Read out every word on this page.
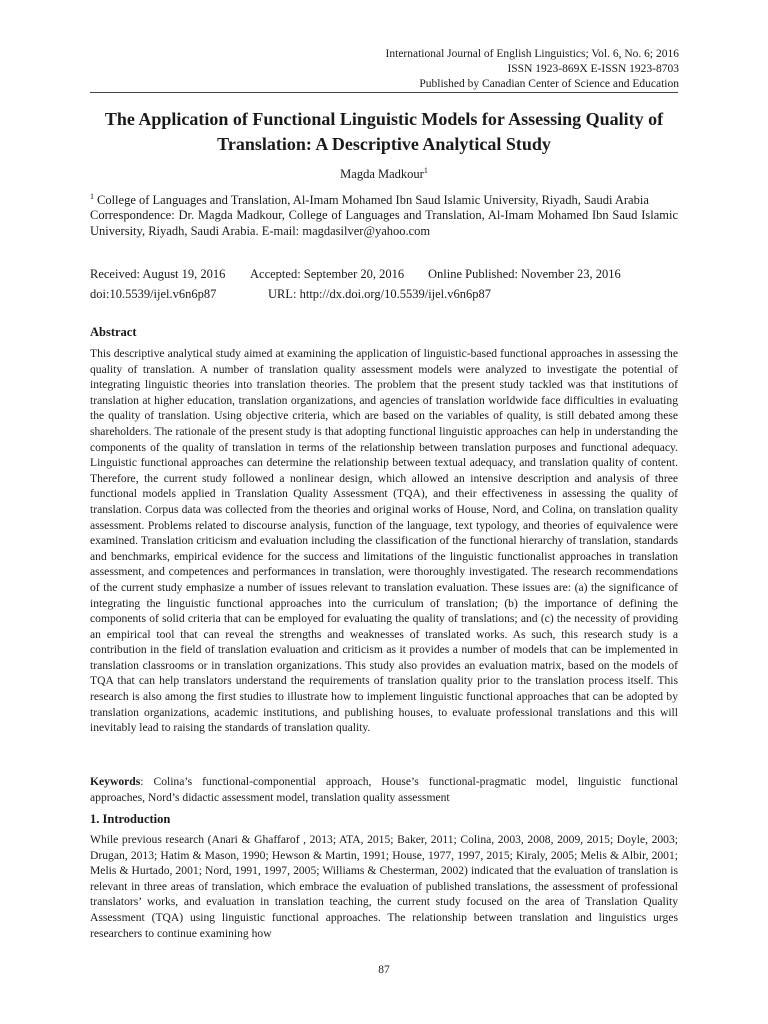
International Journal of English Linguistics; Vol. 6, No. 6; 2016
ISSN 1923-869X E-ISSN 1923-8703
Published by Canadian Center of Science and Education
The Application of Functional Linguistic Models for Assessing Quality of Translation: A Descriptive Analytical Study
Magda Madkour$^1$
$^1$ College of Languages and Translation, Al-Imam Mohamed Ibn Saud Islamic University, Riyadh, Saudi Arabia
Correspondence: Dr. Magda Madkour, College of Languages and Translation, Al-Imam Mohamed Ibn Saud Islamic University, Riyadh, Saudi Arabia. E-mail: magdasilver@yahoo.com
Received: August 19, 2016 Accepted: September 20, 2016 Online Published: November 23, 2016
doi:10.5539/ijel.v6n6p87	URL: http://dx.doi.org/10.5539/ijel.v6n6p87
Abstract
This descriptive analytical study aimed at examining the application of linguistic-based functional approaches in assessing the quality of translation. A number of translation quality assessment models were analyzed to investigate the potential of integrating linguistic theories into translation theories. The problem that the present study tackled was that institutions of translation at higher education, translation organizations, and agencies of translation worldwide face difficulties in evaluating the quality of translation. Using objective criteria, which are based on the variables of quality, is still debated among these shareholders. The rationale of the present study is that adopting functional linguistic approaches can help in understanding the components of the quality of translation in terms of the relationship between translation purposes and functional adequacy. Linguistic functional approaches can determine the relationship between textual adequacy, and translation quality of content. Therefore, the current study followed a nonlinear design, which allowed an intensive description and analysis of three functional models applied in Translation Quality Assessment (TQA), and their effectiveness in assessing the quality of translation. Corpus data was collected from the theories and original works of House, Nord, and Colina, on translation quality assessment. Problems related to discourse analysis, function of the language, text typology, and theories of equivalence were examined. Translation criticism and evaluation including the classification of the functional hierarchy of translation, standards and benchmarks, empirical evidence for the success and limitations of the linguistic functionalist approaches in translation assessment, and competences and performances in translation, were thoroughly investigated. The research recommendations of the current study emphasize a number of issues relevant to translation evaluation. These issues are: (a) the significance of integrating the linguistic functional approaches into the curriculum of translation; (b) the importance of defining the components of solid criteria that can be employed for evaluating the quality of translations; and (c) the necessity of providing an empirical tool that can reveal the strengths and weaknesses of translated works. As such, this research study is a contribution in the field of translation evaluation and criticism as it provides a number of models that can be implemented in translation classrooms or in translation organizations. This study also provides an evaluation matrix, based on the models of TQA that can help translators understand the requirements of translation quality prior to the translation process itself. This research is also among the first studies to illustrate how to implement linguistic functional approaches that can be adopted by translation organizations, academic institutions, and publishing houses, to evaluate professional translations and this will inevitably lead to raising the standards of translation quality.
Keywords: Colina’s functional-componential approach, House’s functional-pragmatic model, linguistic functional approaches, Nord’s didactic assessment model, translation quality assessment
1. Introduction
While previous research (Anari & Ghaffarof , 2013; ATA, 2015; Baker, 2011; Colina, 2003, 2008, 2009, 2015; Doyle, 2003; Drugan, 2013; Hatim & Mason, 1990; Hewson & Martin, 1991; House, 1977, 1997, 2015; Kiraly, 2005; Melis & Albir, 2001; Melis & Hurtado, 2001; Nord, 1991, 1997, 2005; Williams & Chesterman, 2002) indicated that the evaluation of translation is relevant in three areas of translation, which embrace the evaluation of published translations, the assessment of professional translators’ works, and evaluation in translation teaching, the current study focused on the area of Translation Quality Assessment (TQA) using linguistic functional approaches. The relationship between translation and linguistics urges researchers to continue examining how
87
